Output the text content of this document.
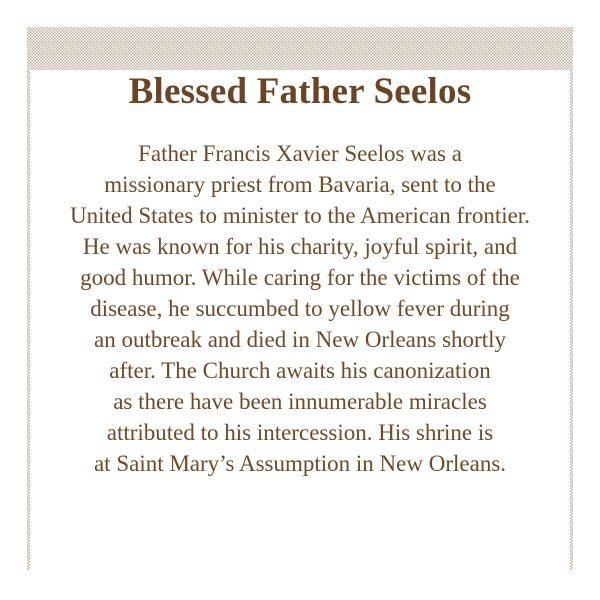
Blessed Father Seelos
Father Francis Xavier Seelos was a
missionary priest from Bavaria, sent to the
United States to minister to the American frontier.
He was known for his charity, joyful spirit, and
good humor. While caring for the victims of the
disease, he succumbed to yellow fever during
an outbreak and died in New Orleans shortly
after. The Church awaits his canonization
as there have been innumerable miracles
attributed to his intercession. His shrine is
at Saint Mary’s Assumption in New Orleans.
